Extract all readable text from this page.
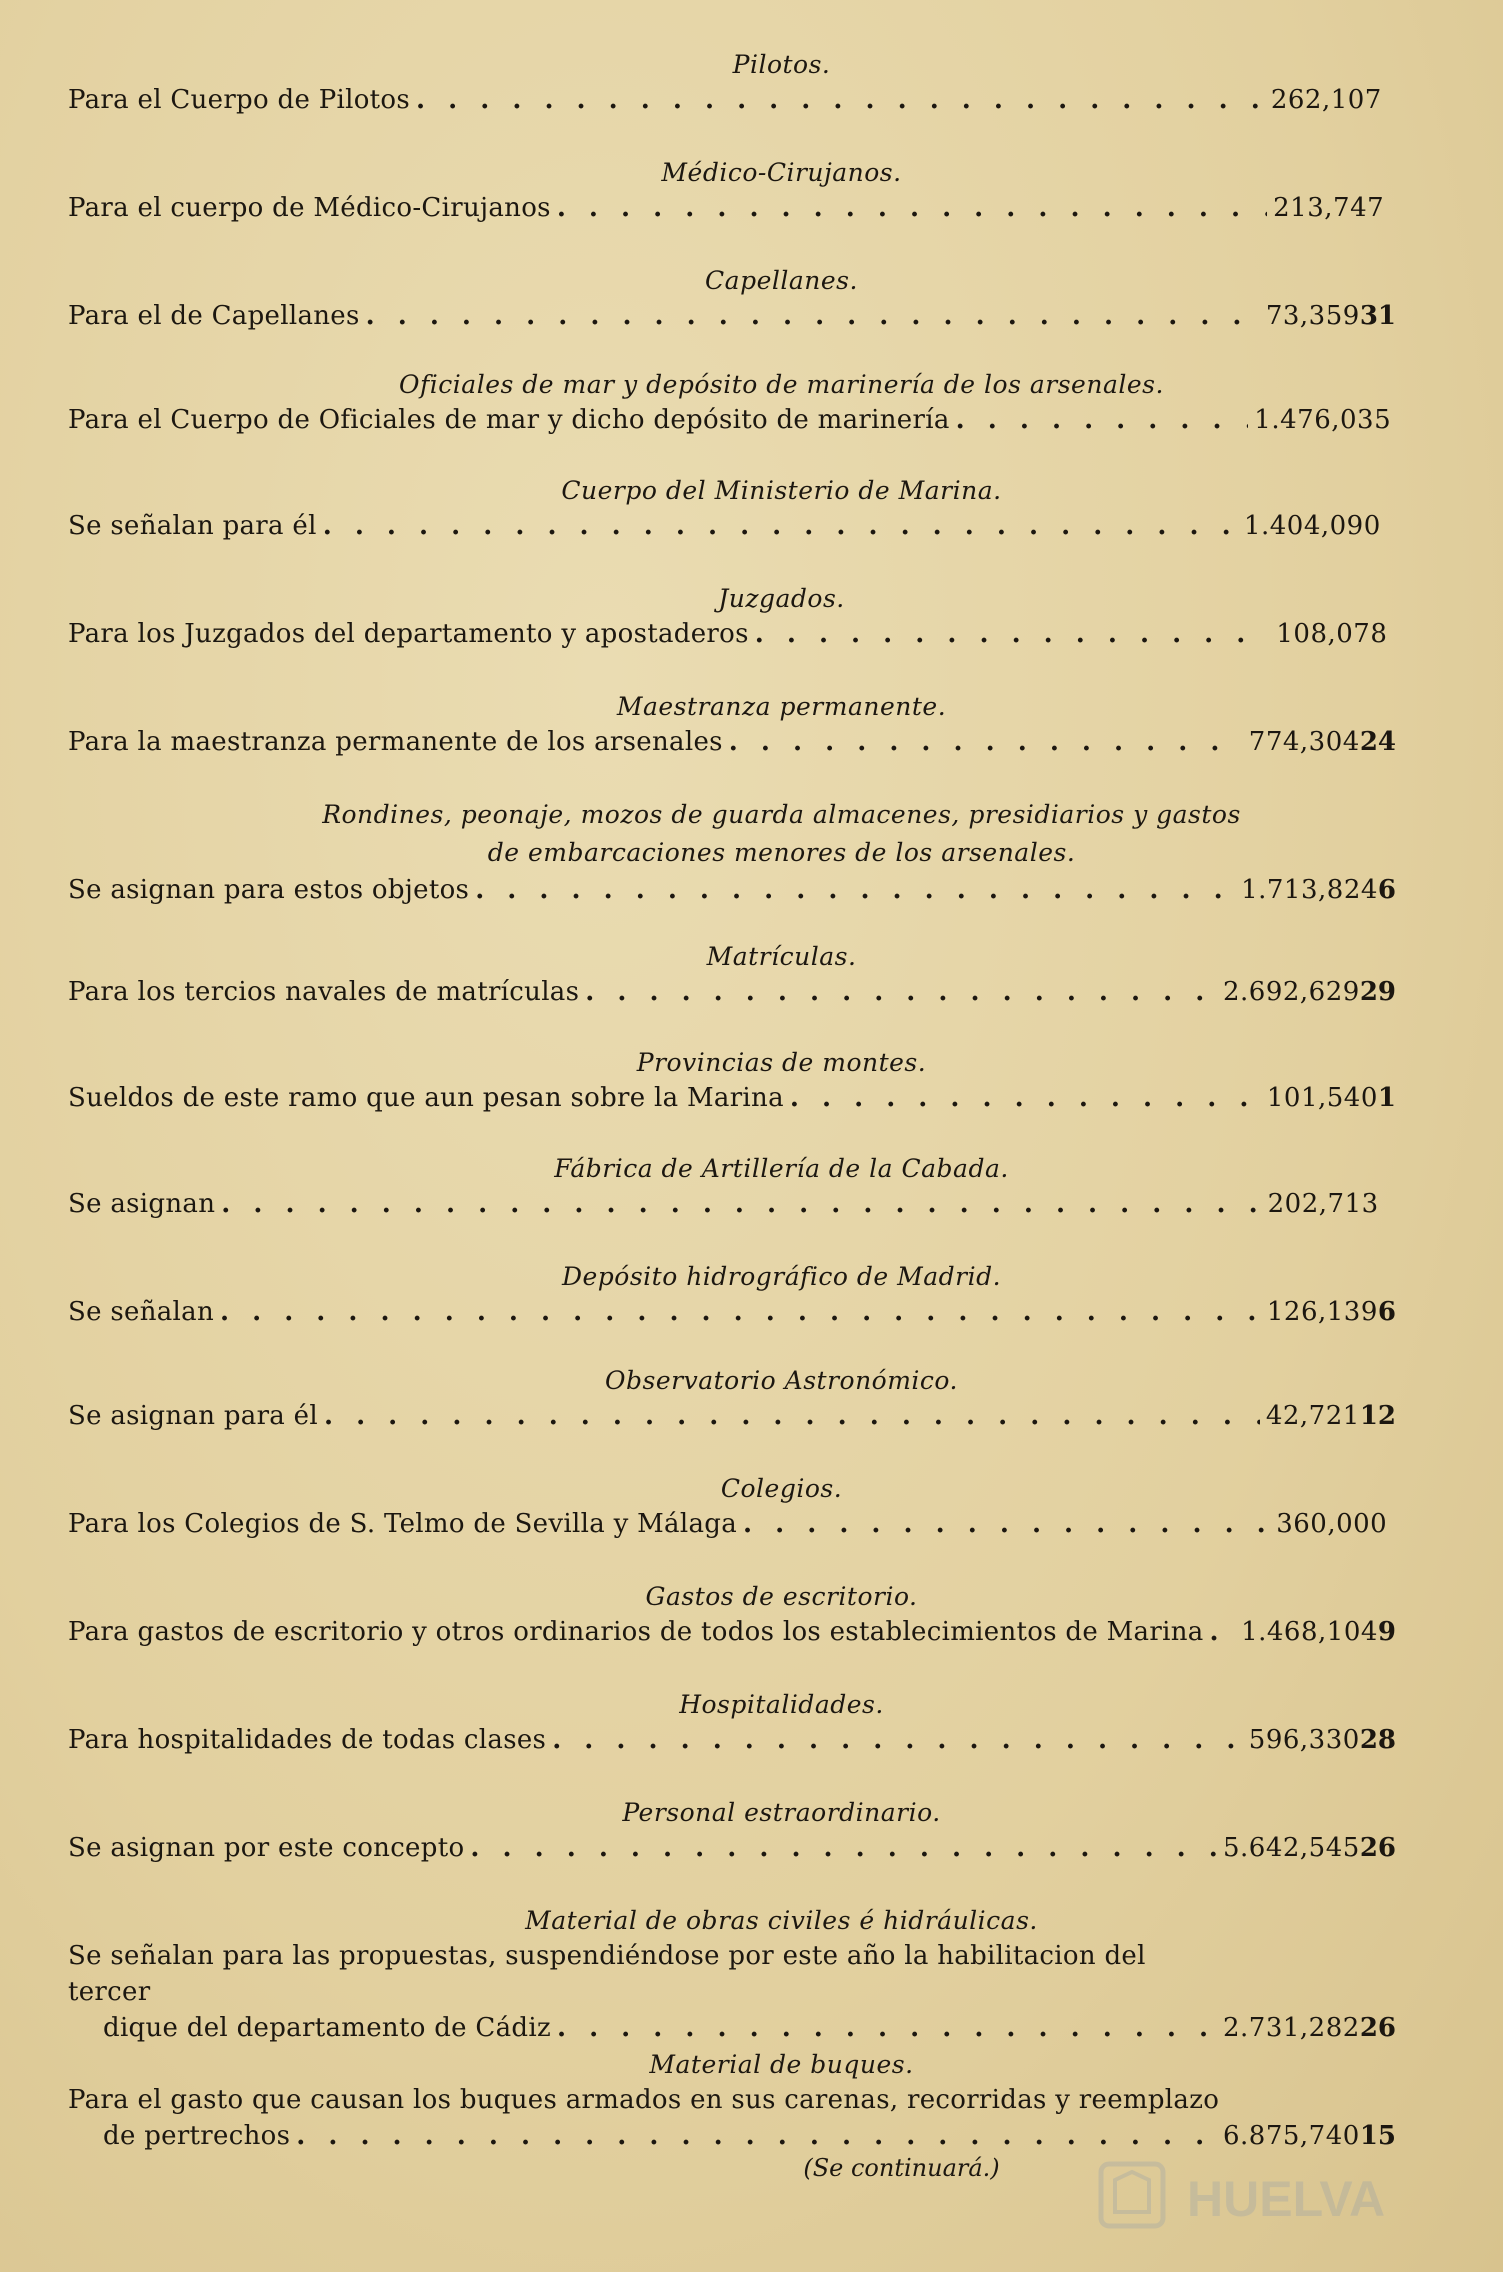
Pilotos.
Para el Cuerpo de Pilotos . . .	262,107
Médico-Cirujanos.
Para el cuerpo de Médico-Cirujanos . . .	213,747
Capellanes.
Para el de Capellanes . . .	73,359 31
Oficiales de mar y depósito de marinería de los arsenales.
Para el Cuerpo de Oficiales de mar y dicho depósito de marinería . . .	1.476,035
Cuerpo del Ministerio de Marina.
Se señalan para él . . .	1.404,090
Juzgados.
Para los Juzgados del departamento y apostaderos . . .	108,078
Maestranza permanente.
Para la maestranza permanente de los arsenales . . .	774,304 24
Rondines, peonaje, mozos de guarda almacenes, presidiarios y gastos
de embarcaciones menores de los arsenales.
Se asignan para estos objetos . . .	1.713,824 6
Matrículas.
Para los tercios navales de matrículas . . .	2.692,629 29
Provincias de montes.
Sueldos de este ramo que aun pesan sobre la Marina . . .	101,540 1
Fábrica de Artillería de la Cabada.
Se asignan . . .	202,713
Depósito hidrográfico de Madrid.
Se señalan . . .	126,139 6
Observatorio Astronómico.
Se asignan para él . . .	42,721 12
Colegios.
Para los Colegios de S. Telmo de Sevilla y Málaga . . .	360,000
Gastos de escritorio.
Para gastos de escritorio y otros ordinarios de todos los establecimientos de Marina . . . 1.468,104 9
Hospitalidades.
Para hospitalidades de todas clases . . .	596,330 28
Personal estraordinario.
Se asignan por este concepto . . .	5.642,545 26
Material de obras civiles é hidráulicas.
Se señalan para las propuestas, suspendiéndose por este año la habilitacion del tercer
dique del departamento de Cádiz . . .	2.731,282 26
Material de buques.
Para el gasto que causan los buques armados en sus carenas, recorridas y reemplazo
de pertrechos . . .	6.875,740 15
(Se continuará.)
HUELVA
